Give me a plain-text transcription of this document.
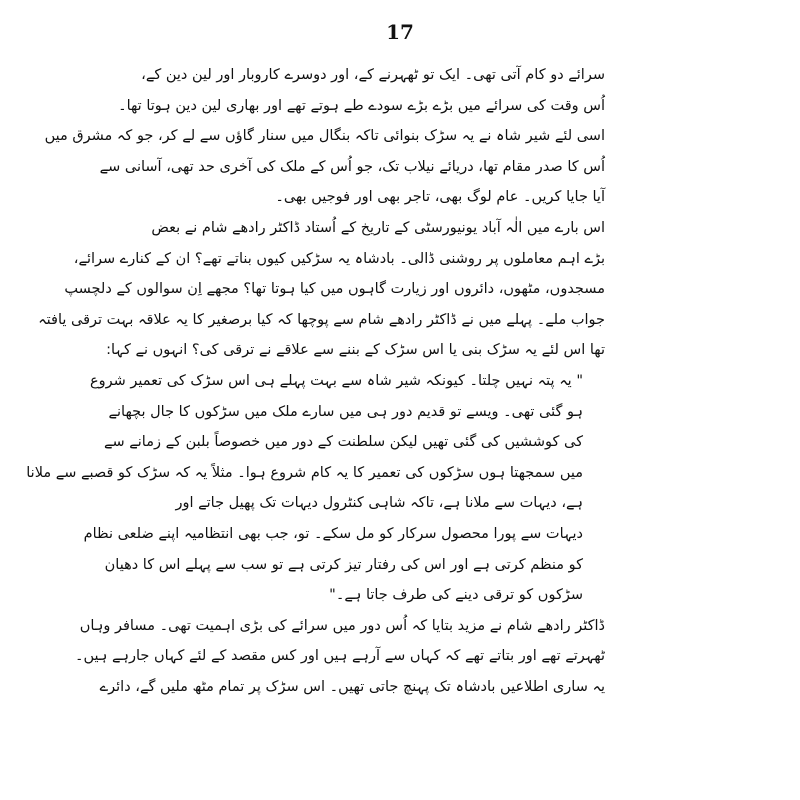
17
سرائے دو کام آتی تھی۔ ایک تو ٹھہرنے کے، اور دوسرے کاروبار اور لین دین کے،
اُس وقت کی سرائے میں بڑے بڑے سودے طے ہوتے تھے اور بھاری لین دین ہوتا تھا۔
اسی لئے شیر شاہ نے یہ سڑک بنوائی تاکہ بنگال میں سنار گاؤں سے لے کر، جو کہ مشرق میں
اُس کا صدر مقام تھا، دریائے نیلاب تک، جو اُس کے ملک کی آخری حد تھی، آسانی سے
آیا جایا کریں۔ عام لوگ بھی، تاجر بھی اور فوجیں بھی۔
اس بارے میں الٰہ آباد یونیورسٹی کے تاریخ کے اُستاد ڈاکٹر رادھے شام نے بعض
بڑے اہم معاملوں پر روشنی ڈالی۔ بادشاہ یہ سڑکیں کیوں بناتے تھے؟ ان کے کنارے سرائے،
مسجدوں، مٹھوں، دائروں اور زیارت گاہوں میں کیا ہوتا تھا؟ مجھے اِن سوالوں کے دلچسپ
جواب ملے۔ پہلے میں نے ڈاکٹر رادھے شام سے پوچھا کہ کیا برصغیر کا یہ علاقہ بہت ترقی یافتہ
تھا اس لئے یہ سڑک بنی یا اس سڑک کے بننے سے علاقے نے ترقی کی؟ انہوں نے کہا:
" یہ پتہ نہیں چلتا۔ کیونکہ شیر شاہ سے بہت پہلے ہی اس سڑک کی تعمیر شروع
ہو گئی تھی۔ ویسے تو قدیم دور ہی میں سارے ملک میں سڑکوں کا جال بچھانے
کی کوششیں کی گئی تھیں لیکن سلطنت کے دور میں خصوصاً بلبن کے زمانے سے
میں سمجھتا ہوں سڑکوں کی تعمیر کا یہ کام شروع ہوا۔ مثلاً یہ کہ سڑک کو قصبے سے ملانا
ہے، دیہات سے ملانا ہے، تاکہ شاہی کنٹرول دیہات تک پھیل جاتے اور
دیہات سے پورا محصول سرکار کو مل سکے۔ تو، جب بھی انتظامیہ اپنے ضلعی نظام
کو منظم کرتی ہے اور اس کی رفتار تیز کرتی ہے تو سب سے پہلے اس کا دھیان
سڑکوں کو ترقی دینے کی طرف جاتا ہے۔"
ڈاکٹر رادھے شام نے مزید بتایا کہ اُس دور میں سرائے کی بڑی اہمیت تھی۔ مسافر وہاں
ٹھہرتے تھے اور بتاتے تھے کہ کہاں سے آرہے ہیں اور کس مقصد کے لئے کہاں جارہے ہیں۔
یہ ساری اطلاعیں بادشاہ تک پہنچ جاتی تھیں۔ اس سڑک پر تمام مٹھ ملیں گے، دائرے
